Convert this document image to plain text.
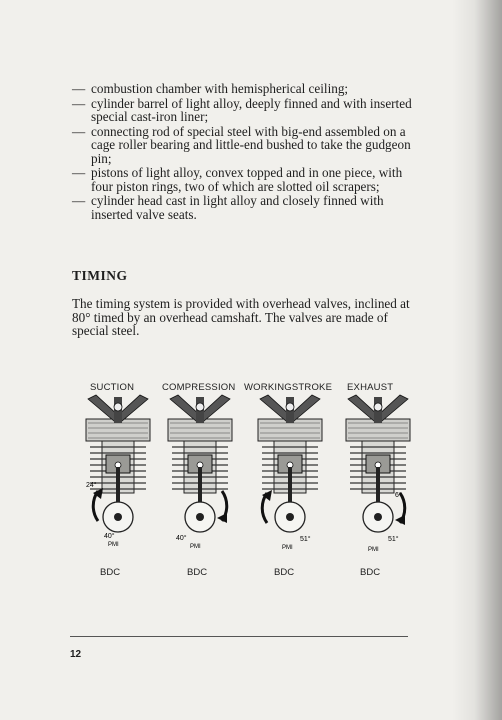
— combustion chamber with hemispherical ceiling;
— cylinder barrel of light alloy, deeply finned and with inserted special cast-iron liner;
— connecting rod of special steel with big-end assembled on a cage roller bearing and little-end bushed to take the gudgeon pin;
— pistons of light alloy, convex topped and in one piece, with four piston rings, two of which are slotted oil scrapers;
— cylinder head cast in light alloy and closely finned with inserted valve seats.
TIMING

The timing system is provided with overhead valves, inclined at 80° timed by an overhead camshaft. The valves are made of special steel.

SUCTION	COMPRESSION WORKINGSTROKE EXHAUST
24°
40°
PMI
40°
PMI
51°
PMI
6°
51°
PMI
BDC	BDC	BDC	BDC
12
